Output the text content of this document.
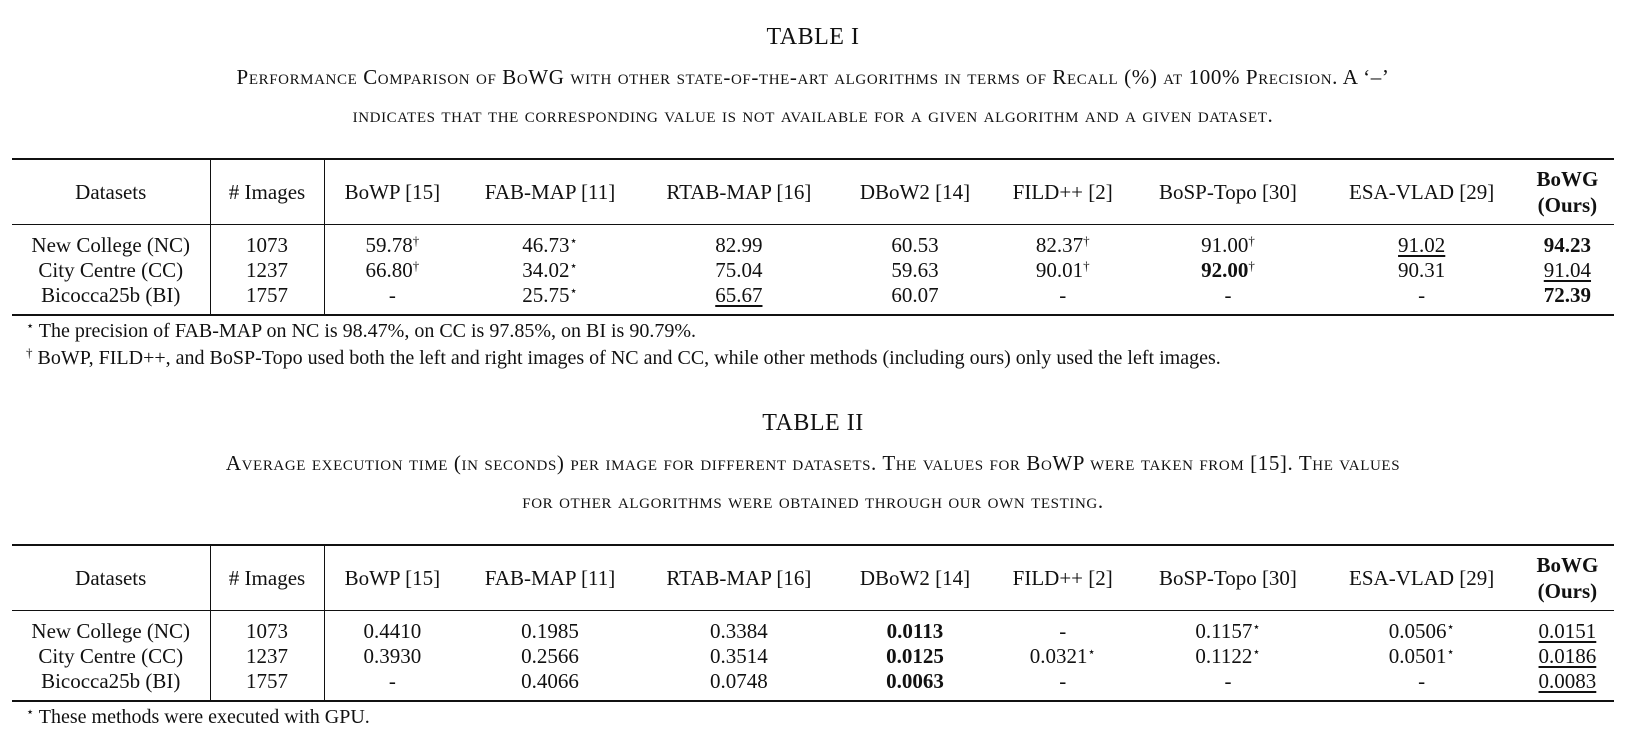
TABLE I
Performance Comparison of BoWG with other state-of-the-art algorithms in terms of Recall (%) at 100% Precision. A ‘–’
indicates that the corresponding value is not available for a given algorithm and a given dataset.
Datasets	# Images	BoWP [15]	FAB-MAP [11]	RTAB-MAP [16]	DBoW2 [14]	FILD++ [2]	BoSP-Topo [30]	ESA-VLAD [29]	BoWG
(Ours)
New College (NC)	1073	59.78†	46.73⋆	82.99	60.53	82.37†	91.00†	91.02	94.23
City Centre (CC)	1237	66.80†	34.02⋆	75.04	59.63	90.01†	92.00†	90.31	91.04
Bicocca25b (BI)	1757	-	25.75⋆	65.67	60.07	-	-	-	72.39
⋆ The precision of FAB-MAP on NC is 98.47%, on CC is 97.85%, on BI is 90.79%.
† BoWP, FILD++, and BoSP-Topo used both the left and right images of NC and CC, while other methods (including ours) only used the left images.
TABLE II
Average execution time (in seconds) per image for different datasets. The values for BoWP were taken from [15]. The values
for other algorithms were obtained through our own testing.
Datasets	# Images	BoWP [15]	FAB-MAP [11]	RTAB-MAP [16]	DBoW2 [14]	FILD++ [2]	BoSP-Topo [30]	ESA-VLAD [29]	BoWG
(Ours)
New College (NC)	1073	0.4410	0.1985	0.3384	0.0113	-	0.1157⋆	0.0506⋆	0.0151
City Centre (CC)	1237	0.3930	0.2566	0.3514	0.0125	0.0321⋆	0.1122⋆	0.0501⋆	0.0186
Bicocca25b (BI)	1757	-	0.4066	0.0748	0.0063	-	-	-	0.0083
⋆ These methods were executed with GPU.
